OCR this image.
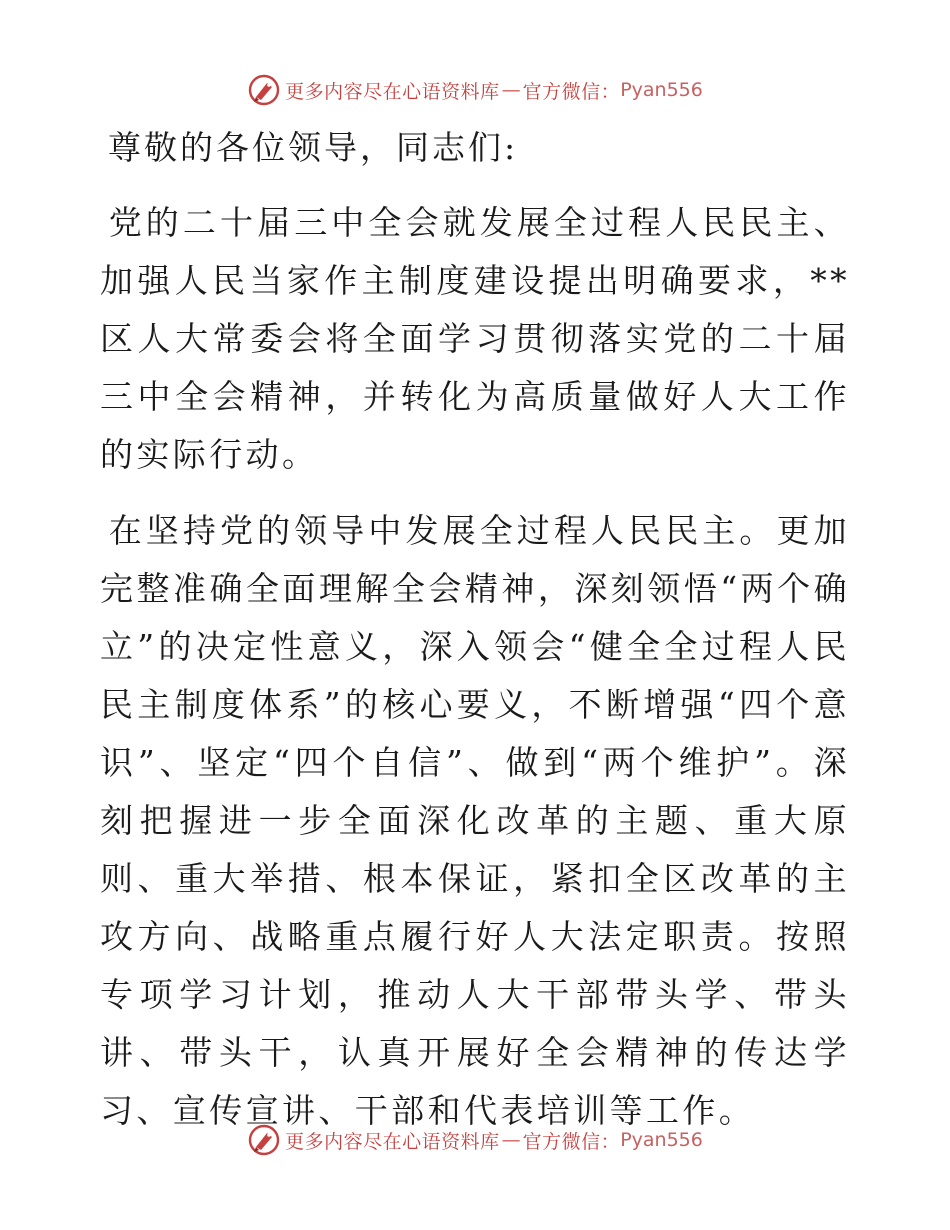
更多内容尽在心语资料库 — 官方微信： Pyan556
尊敬的各位领导，同志们:

党的二十届三中全会就发展全过程人民民主、加强人民当家作主制度建设提出明确要求，**区人大常委会将全面学习贯彻落实党的二十届三中全会精神，并转化为高质量做好人大工作的实际行动。

在坚持党的领导中发展全过程人民民主。更加完整准确全面理解全会精神，深刻领悟“两个确立”的决定性意义，深入领会“健全全过程人民民主制度体系”的核心要义，不断增强“四个意识”、坚定“四个自信”、做到“两个维护”。深刻把握进一步全面深化改革的主题、重大原则、重大举措、根本保证，紧扣全区改革的主攻方向、战略重点履行好人大法定职责。按照专项学习计划，推动人大干部带头学、带头讲、带头干，认真开展好全会精神的传达学习、宣传宣讲、干部和代表培训等工作。

更多内容尽在心语资料库 — 官方微信： Pyan556
